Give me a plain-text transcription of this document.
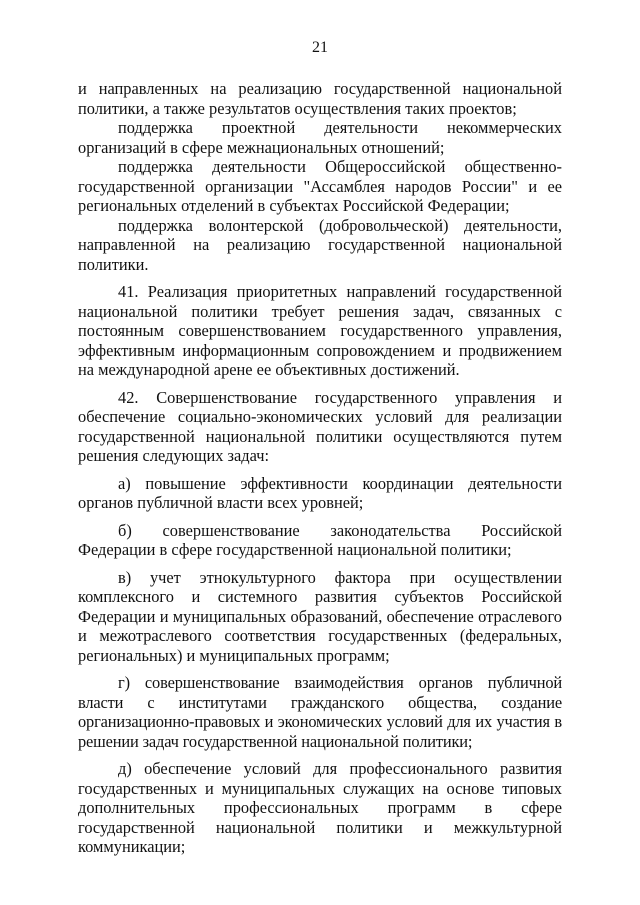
21

и направленных на реализацию государственной национальной политики, а также результатов осуществления таких проектов;

поддержка проектной деятельности некоммерческих организаций в сфере межнациональных отношений;

поддержка деятельности Общероссийской общественно-государственной организации "Ассамблея народов России" и ее региональных отделений в субъектах Российской Федерации;

поддержка волонтерской (добровольческой) деятельности, направленной на реализацию государственной национальной политики.

41. Реализация приоритетных направлений государственной национальной политики требует решения задач, связанных с постоянным совершенствованием государственного управления, эффективным информационным сопровождением и продвижением на международной арене ее объективных достижений.

42. Совершенствование государственного управления и обеспечение социально-экономических условий для реализации государственной национальной политики осуществляются путем решения следующих задач:

а) повышение эффективности координации деятельности органов публичной власти всех уровней;

б) совершенствование законодательства Российской Федерации в сфере государственной национальной политики;

в) учет этнокультурного фактора при осуществлении комплексного и системного развития субъектов Российской Федерации и муниципальных образований, обеспечение отраслевого и межотраслевого соответствия государственных (федеральных, региональных) и муниципальных программ;

г) совершенствование взаимодействия органов публичной власти с институтами гражданского общества, создание организационно-правовых и экономических условий для их участия в решении задач государственной национальной политики;

д) обеспечение условий для профессионального развития государственных и муниципальных служащих на основе типовых дополнительных профессиональных программ в сфере государственной национальной политики и межкультурной коммуникации;
